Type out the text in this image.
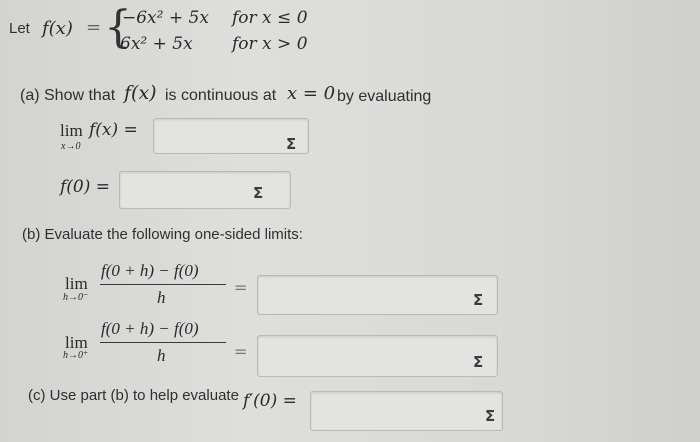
Let f(x) = {
−6x² + 5x for x ≤ 0
6x² + 5x for x > 0
(a) Show that f(x) is continuous at x = 0 by evaluating
lim
x→0
f(x) =
Σ
f(0) =	Σ
(b) Evaluate the following one-sided limits:
lim
h→0⁻
f(0 + h) − f(0)
h
=
Σ
lim
h→0⁺
f(0 + h) − f(0)
h	=
Σ
(c) Use part (b) to help evaluate f′(0) =
Σ
